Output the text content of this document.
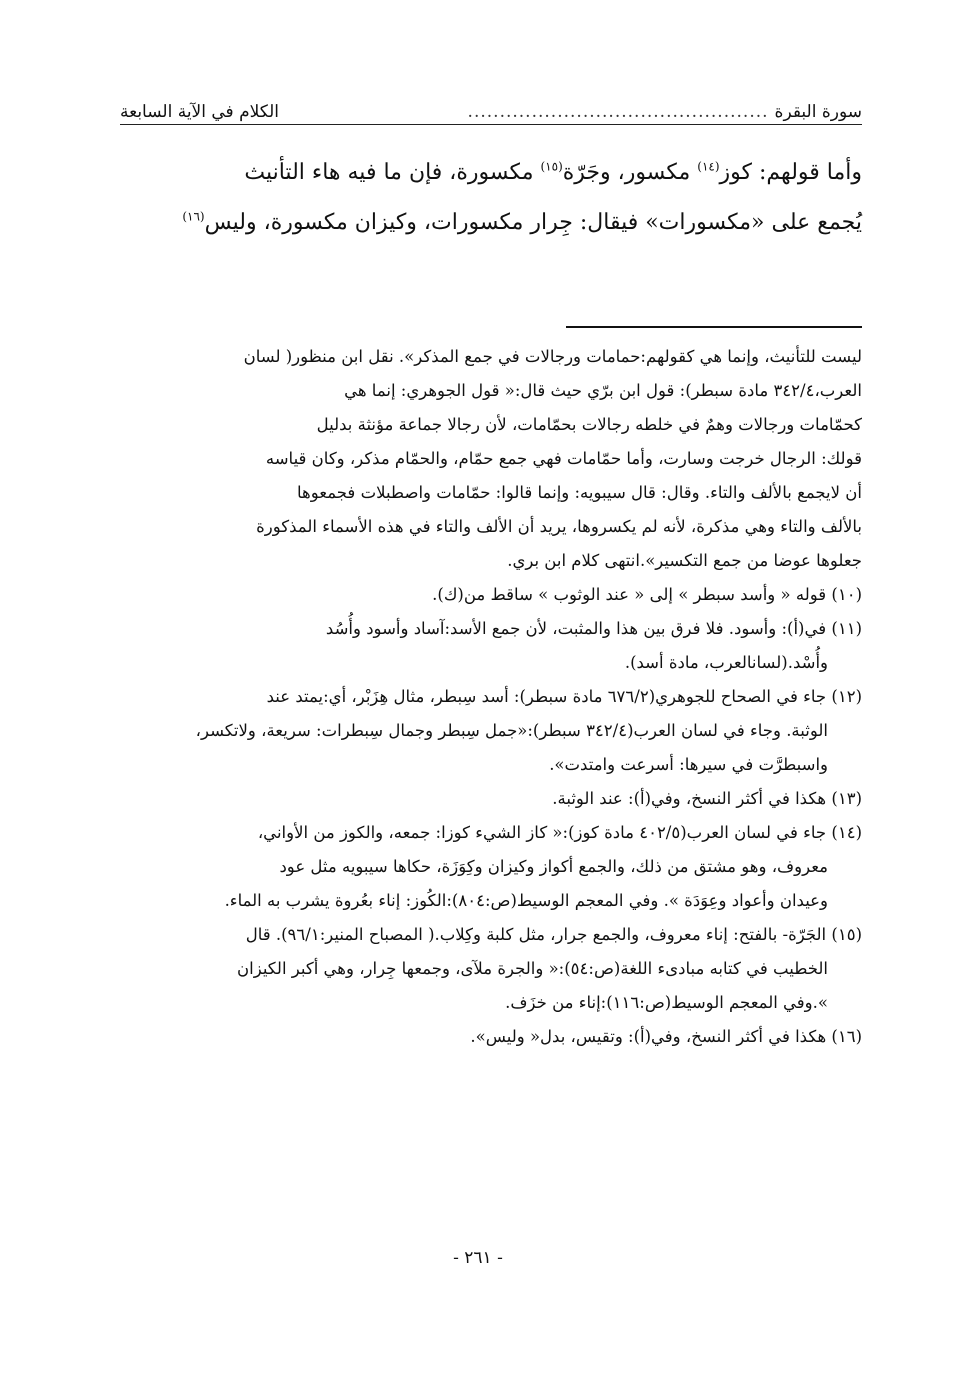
سورة البقرة
...............................................
الكلام في الآية السابعة

وأما قولهم: كوز$^{(١٤)}$ مكسور، وجَرّة$^{(١٥)}$ مكسورة، فإن ما فيه هاء التأنيث

يُجمع على «مكسورات» فيقال: جِرار مكسورات، وكيزان مكسورة، وليس$^{(١٦)}$

ليست للتأنيث، وإنما هي كقولهم:حمامات ورجالات في جمع المذكر». نقل ابن منظور( لسان

العرب،٣٤٢/٤ مادة سبطر): قول ابن برّي حيث قال:« قول الجوهري: إنما هي

كحمّامات ورجالات وهمٌ في خلطه رجالات بحمّامات، لأن رجالا جماعة مؤنثة بدليل

قولك: الرجال خرجت وسارت، وأما حمّامات فهي جمع حمّام، والحمّام مذكر، وكان قياسه

أن لايجمع بالألف والتاء. وقال: قال سيبويه: وإنما قالوا: حمّامات واصطبلات فجمعوها

بالألف والتاء وهي مذكرة، لأنه لم يكسروها، يريد أن الألف والتاء في هذه الأسماء المذكورة

جعلوها عوضا من جمع التكسير».انتهى كلام ابن بري.

(١٠) قوله « وأسد سبطر » إلى « عند الوثوب » ساقط من(ك).

(١١) في(أ): وأسود. فلا فرق بين هذا والمثبت، لأن جمع الأسد:آساد وأسود وأُسُد

وأُسْد.(لسانالعرب، مادة أسد).

(١٢) جاء في الصحاح للجوهري(٦٧٦/٢ مادة سبطر): أسد سِبطر، مثال هِزَبْر، أي:يمتد عند

الوثبة. وجاء في لسان العرب(٣٤٢/٤ سبطر):«جمل سِبطر وجمال سِبطرات: سريعة، ولاتكسر،

واسبطرَّت في سيرها: أسرعت وامتدت».

(١٣) هكذا في أكثر النسخ، وفي(أ): عند الوثبة.

(١٤) جاء في لسان العرب(٤٠٢/٥ مادة كوز):« كاز الشيء كوزا: جمعه، والكوز من الأواني،

معروف، وهو مشتق من ذلك، والجمع أكواز وكيزان وكِوَزَة، حكاها سيبويه مثل عود

وعيدان وأعواد وعِوَدَة ». وفي المعجم الوسيط(ص:٨٠٤):الكُوز: إناء بعُروة يشرب به الماء.

(١٥) الجَرّة- بالفتح: إناء معروف، والجمع جرار، مثل كلبة وكِلاب.( المصباح المنير:٩٦/١). قال

الخطيب في كتابه مبادىء اللغة(ص:٥٤):« والجرة ملآى، وجمعها جِرار، وهي أكبر الكيزان

».وفي المعجم الوسيط(ص:١١٦):إناء من خزَف.

(١٦) هكذا في أكثر النسخ، وفي(أ): وتقيس، بدل« وليس».

- ٢٦١ -
